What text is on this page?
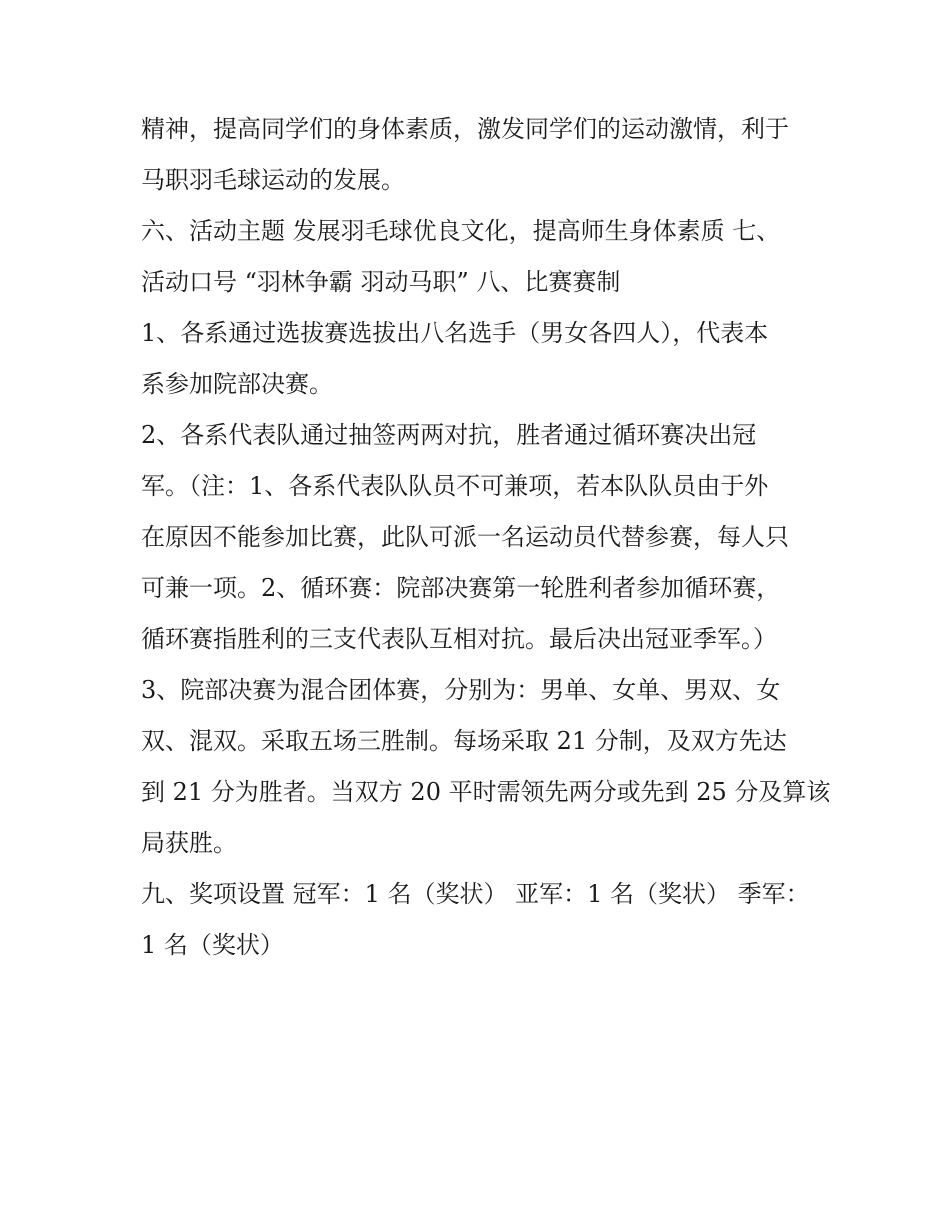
精神，提高同学们的身体素质，激发同学们的运动激情，利于
马职羽毛球运动的发展。
六、活动主题 发展羽毛球优良文化，提高师生身体素质 七、
活动口号 “羽林争霸 羽动马职” 八、比赛赛制
1、各系通过选拔赛选拔出八名选手（男女各四人），代表本
系参加院部决赛。
2、各系代表队通过抽签两两对抗，胜者通过循环赛决出冠
军。（注：1、各系代表队队员不可兼项，若本队队员由于外
在原因不能参加比赛，此队可派一名运动员代替参赛，每人只
可兼一项。2、循环赛：院部决赛第一轮胜利者参加循环赛，
循环赛指胜利的三支代表队互相对抗。最后决出冠亚季军。）
3、院部决赛为混合团体赛，分别为：男单、女单、男双、女
双、混双。采取五场三胜制。每场采取 21 分制，及双方先达
到 21 分为胜者。当双方 20 平时需领先两分或先到 25 分及算该
局获胜。
九、奖项设置 冠军：1 名（奖状） 亚军：1 名（奖状） 季军：
1 名（奖状）
